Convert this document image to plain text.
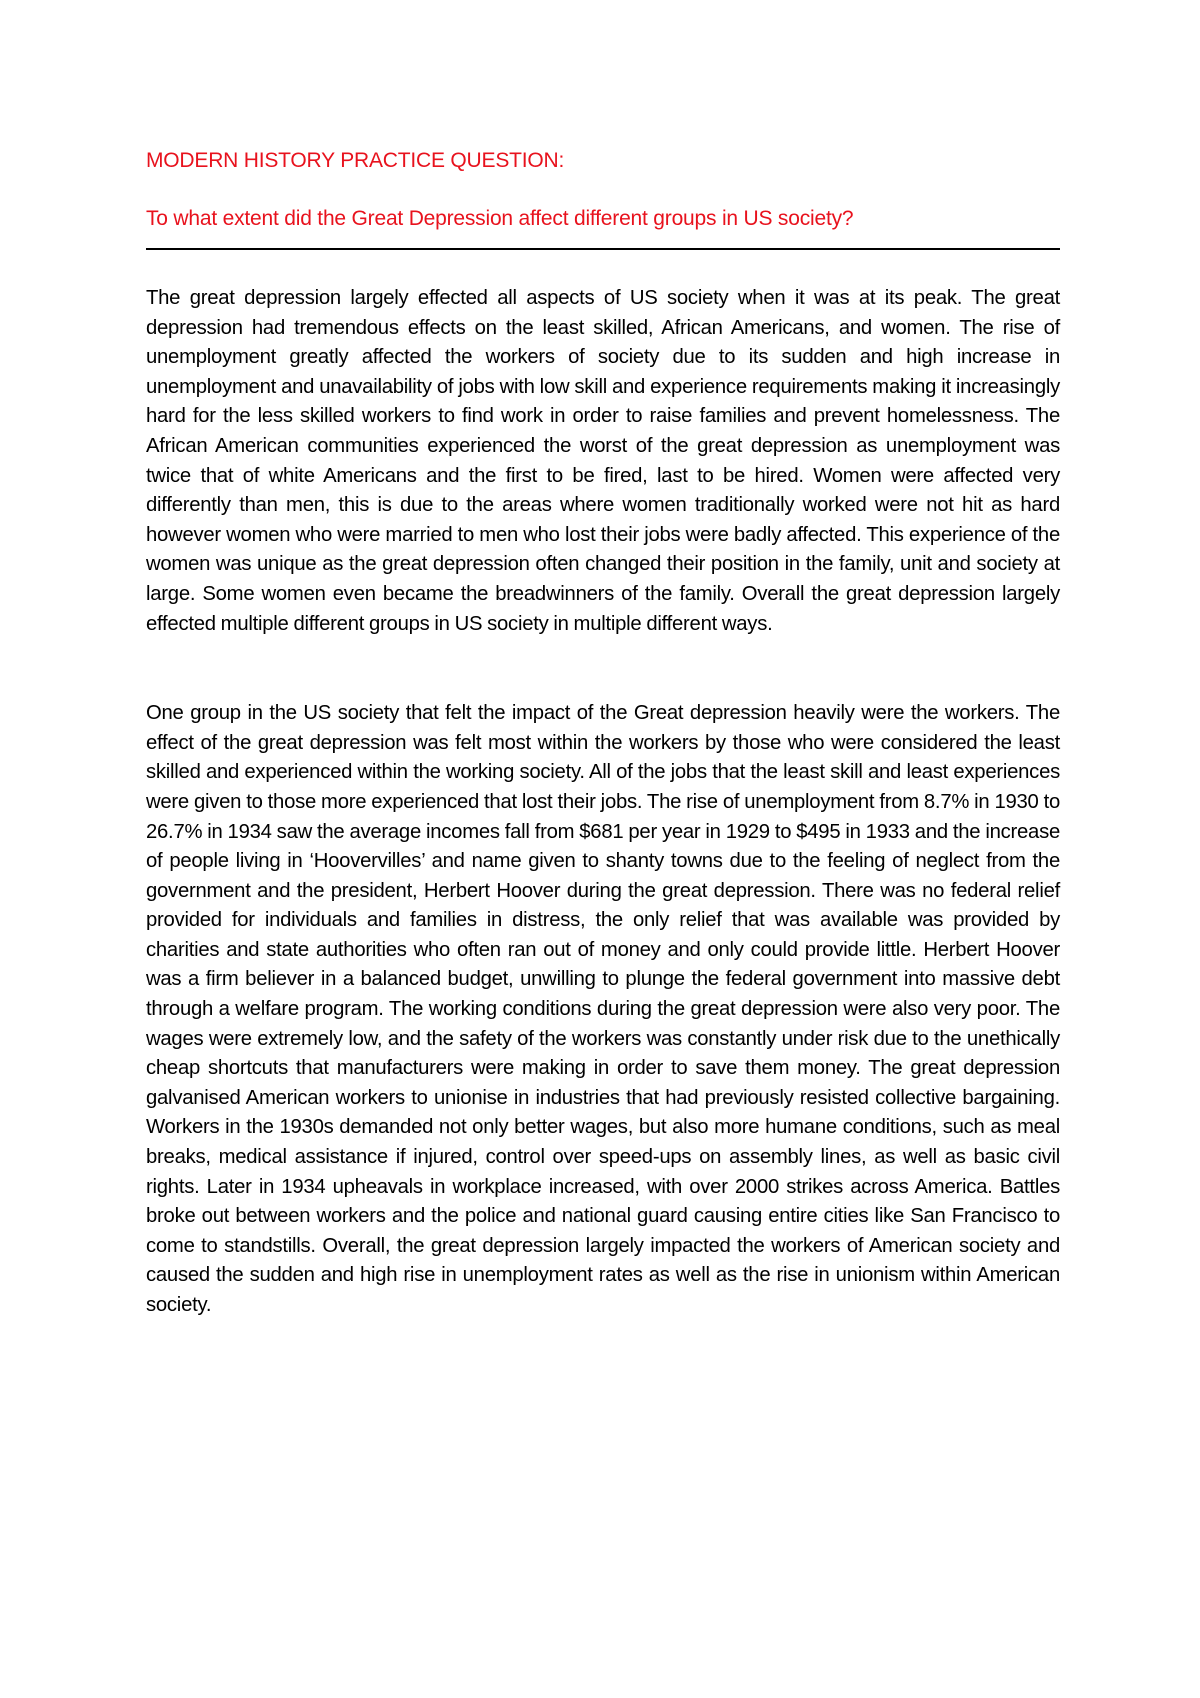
MODERN HISTORY PRACTICE QUESTION:

To what extent did the Great Depression affect different groups in US society?

The great depression largely effected all aspects of US society when it was at its peak. The great depression had tremendous effects on the least skilled, African Americans, and women. The rise of unemployment greatly affected the workers of society due to its sudden and high increase in unemployment and unavailability of jobs with low skill and experience requirements making it increasingly hard for the less skilled workers to find work in order to raise families and prevent homelessness. The African American communities experienced the worst of the great depression as unemployment was twice that of white Americans and the first to be fired, last to be hired. Women were affected very differently than men, this is due to the areas where women traditionally worked were not hit as hard however women who were married to men who lost their jobs were badly affected. This experience of the women was unique as the great depression often changed their position in the family, unit and society at large. Some women even became the breadwinners of the family. Overall the great depression largely effected multiple different groups in US society in multiple different ways.

One group in the US society that felt the impact of the Great depression heavily were the workers. The effect of the great depression was felt most within the workers by those who were considered the least skilled and experienced within the working society. All of the jobs that the least skill and least experiences were given to those more experienced that lost their jobs. The rise of unemployment from 8.7% in 1930 to 26.7% in 1934 saw the average incomes fall from $681 per year in 1929 to $495 in 1933 and the increase of people living in ‘Hoovervilles’ and name given to shanty towns due to the feeling of neglect from the government and the president, Herbert Hoover during the great depression. There was no federal relief provided for individuals and families in distress, the only relief that was available was provided by charities and state authorities who often ran out of money and only could provide little. Herbert Hoover was a firm believer in a balanced budget, unwilling to plunge the federal government into massive debt through a welfare program. The working conditions during the great depression were also very poor. The wages were extremely low, and the safety of the workers was constantly under risk due to the unethically cheap shortcuts that manufacturers were making in order to save them money. The great depression galvanised American workers to unionise in industries that had previously resisted collective bargaining. Workers in the 1930s demanded not only better wages, but also more humane conditions, such as meal breaks, medical assistance if injured, control over speed-ups on assembly lines, as well as basic civil rights. Later in 1934 upheavals in workplace increased, with over 2000 strikes across America. Battles broke out between workers and the police and national guard causing entire cities like San Francisco to come to standstills. Overall, the great depression largely impacted the workers of American society and caused the sudden and high rise in unemployment rates as well as the rise in unionism within American society.
